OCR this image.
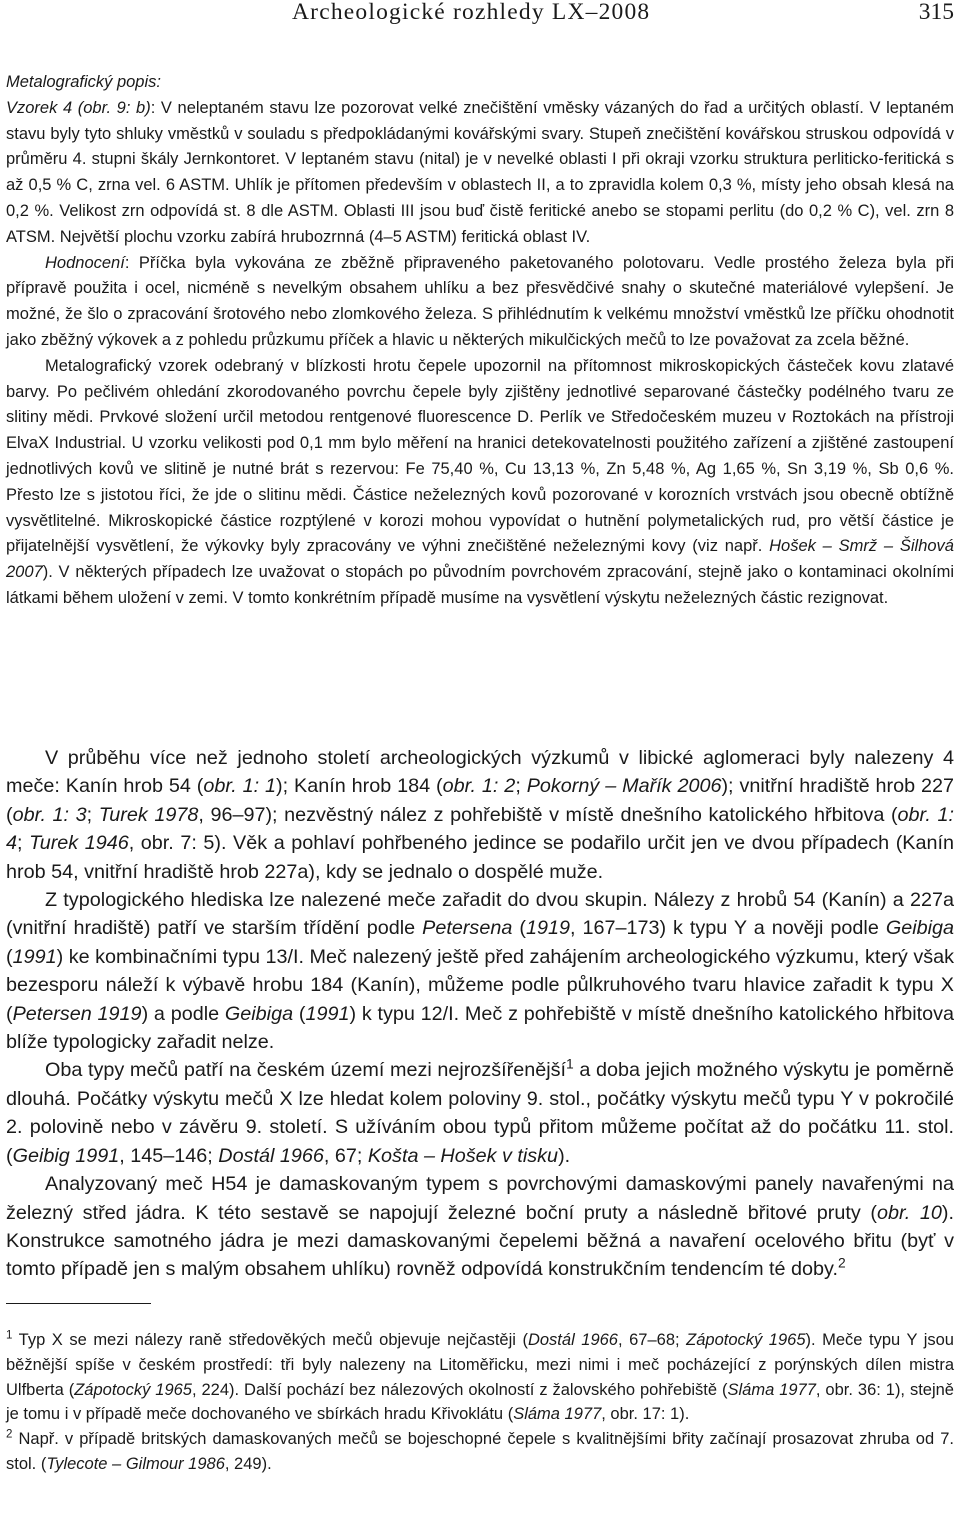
Archeologické rozhledy LX–2008	315

Metalografický popis:

Vzorek 4 (obr. 9: b): V neleptaném stavu lze pozorovat velké znečištění vměsky vázaných do řad a určitých oblastí. V leptaném stavu byly tyto shluky vměstků v souladu s předpokládanými kovářskými svary. Stupeň znečištění kovářskou struskou odpovídá v průměru 4. stupni škály Jernkontoret. V leptaném stavu (nital) je v nevelké oblasti I při okraji vzorku struktura perliticko-feritická s až 0,5 % C, zrna vel. 6 ASTM. Uhlík je přítomen především v oblastech II, a to zpravidla kolem 0,3 %, místy jeho obsah klesá na 0,2 %. Velikost zrn odpovídá st. 8 dle ASTM. Oblasti III jsou buď čistě feritické anebo se stopami perlitu (do 0,2 % C), vel. zrn 8 ATSM. Největší plochu vzorku zabírá hrubozrnná (4–5 ASTM) feritická oblast IV.

Hodnocení: Příčka byla vykována ze zběžně připraveného paketovaného polotovaru. Vedle prostého železa byla při přípravě použita i ocel, nicméně s nevelkým obsahem uhlíku a bez přesvědčivé snahy o skutečné materiálové vylepšení. Je možné, že šlo o zpracování šrotového nebo zlomkového železa. S přihlédnutím k velkému množství vměstků lze příčku ohodnotit jako zběžný výkovek a z pohledu průzkumu příček a hlavic u některých mikulčických mečů to lze považovat za zcela běžné.

Metalografický vzorek odebraný v blízkosti hrotu čepele upozornil na přítomnost mikroskopických částeček kovu zlatavé barvy. Po pečlivém ohledání zkorodovaného povrchu čepele byly zjištěny jednotlivé separované částečky podélného tvaru ze slitiny mědi. Prvkové složení určil metodou rentgenové fluorescence D. Perlík ve Středočeském muzeu v Roztokách na přístroji ElvaX Industrial. U vzorku velikosti pod 0,1 mm bylo měření na hranici detekovatelnosti použitého zařízení a zjištěné zastoupení jednotlivých kovů ve slitině je nutné brát s rezervou: Fe 75,40 %, Cu 13,13 %, Zn 5,48 %, Ag 1,65 %, Sn 3,19 %, Sb 0,6 %. Přesto lze s jistotou říci, že jde o slitinu mědi. Částice neželezných kovů pozorované v korozních vrstvách jsou obecně obtížně vysvětlitelné. Mikroskopické částice rozptýlené v korozi mohou vypovídat o hutnění polymetalických rud, pro větší částice je přijatelnější vysvětlení, že výkovky byly zpracovány ve výhni znečištěné neželeznými kovy (viz např. Hošek – Smrž – Šilhová 2007). V některých případech lze uvažovat o stopách po původním povrchovém zpracování, stejně jako o kontaminaci okolními látkami během uložení v zemi. V tomto konkrétním případě musíme na vysvětlení výskytu neželezných částic rezignovat.

V průběhu více než jednoho století archeologických výzkumů v libické aglomeraci byly nalezeny 4 meče: Kanín hrob 54 (obr. 1: 1); Kanín hrob 184 (obr. 1: 2; Pokorný – Mařík 2006); vnitřní hradiště hrob 227 (obr. 1: 3; Turek 1978, 96–97); nezvěstný nález z pohřebiště v místě dnešního katolického hřbitova (obr. 1: 4; Turek 1946, obr. 7: 5). Věk a pohlaví pohřbeného jedince se podařilo určit jen ve dvou případech (Kanín hrob 54, vnitřní hradiště hrob 227a), kdy se jednalo o dospělé muže.

Z typologického hlediska lze nalezené meče zařadit do dvou skupin. Nálezy z hrobů 54 (Kanín) a 227a (vnitřní hradiště) patří ve starším třídění podle Petersena (1919, 167–173) k typu Y a nověji podle Geibiga (1991) ke kombinačními typu 13/I. Meč nalezený ještě před zahájením archeologického výzkumu, který však bezesporu náleží k výbavě hrobu 184 (Kanín), můžeme podle půlkruhového tvaru hlavice zařadit k typu X (Petersen 1919) a podle Geibiga (1991) k typu 12/I. Meč z pohřebiště v místě dnešního katolického hřbitova blíže typologicky zařadit nelze.

Oba typy mečů patří na českém území mezi nejrozšířenější$^1$ a doba jejich možného výskytu je poměrně dlouhá. Počátky výskytu mečů X lze hledat kolem poloviny 9. stol., počátky výskytu mečů typu Y v pokročilé 2. polovině nebo v závěru 9. století. S užíváním obou typů přitom můžeme počítat až do počátku 11. stol. (Geibig 1991, 145–146; Dostál 1966, 67; Košta – Hošek v tisku).

Analyzovaný meč H54 je damaskovaným typem s povrchovými damaskovými panely navařenými na železný střed jádra. K této sestavě se napojují železné boční pruty a následně břitové pruty (obr. 10). Konstrukce samotného jádra je mezi damaskovanými čepelemi běžná a navaření ocelového břitu (byť v tomto případě jen s malým obsahem uhlíku) rovněž odpovídá konstrukčním tendencím té doby.$^2$

$^1$ Typ X se mezi nálezy raně středověkých mečů objevuje nejčastěji (Dostál 1966, 67–68; Zápotocký 1965). Meče typu Y jsou běžnější spíše v českém prostředí: tři byly nalezeny na Litoměřicku, mezi nimi i meč pocházející z porýnských dílen mistra Ulfberta (Zápotocký 1965, 224). Další pochází bez nálezových okolností z žalovského pohřebiště (Sláma 1977, obr. 36: 1), stejně je tomu i v případě meče dochovaného ve sbírkách hradu Křivoklátu (Sláma 1977, obr. 17: 1).

$^2$ Např. v případě britských damaskovaných mečů se bojeschopné čepele s kvalitnějšími břity začínají prosazovat zhruba od 7. stol. (Tylecote – Gilmour 1986, 249).
